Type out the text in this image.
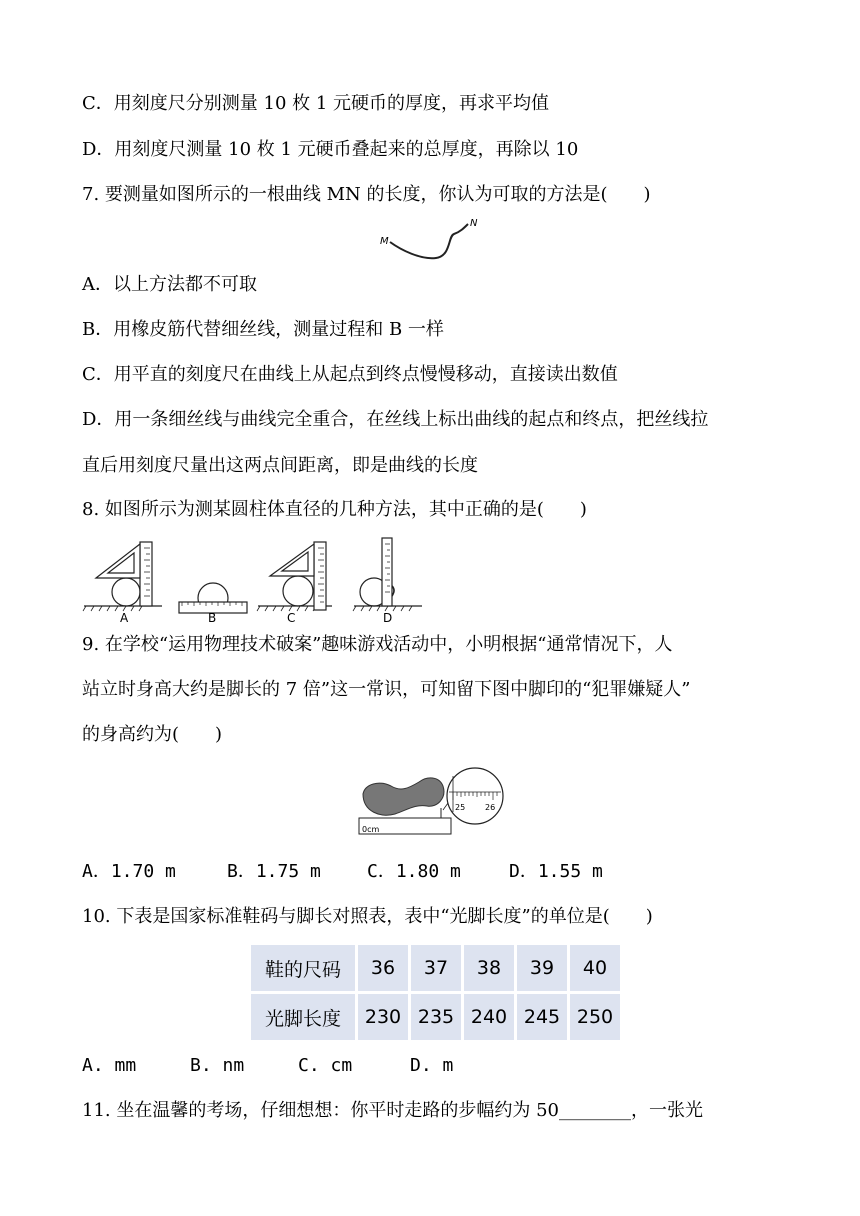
C．用刻度尺分别测量 10 枚 1 元硬币的厚度，再求平均值
D．用刻度尺测量 10 枚 1 元硬币叠起来的总厚度，再除以 10
7. 要测量如图所示的一根曲线 MN 的长度，你认为可取的方法是(　　)
M
N
A．以上方法都不可取
B．用橡皮筋代替细丝线，测量过程和 B 一样
C．用平直的刻度尺在曲线上从起点到终点慢慢移动，直接读出数值
D．用一条细丝线与曲线完全重合，在丝线上标出曲线的起点和终点，把丝线拉
直后用刻度尺量出这两点间距离，即是曲线的长度
8. 如图所示为测某圆柱体直径的几种方法，其中正确的是(　　)
A	B	C	D
9. 在学校“运用物理技术破案”趣味游戏活动中，小明根据“通常情况下，人
站立时身高大约是脚长的 7 倍”这一常识，可知留下图中脚印的“犯罪嫌疑人”
的身高约为(　　)
0cm
25 26
A．1.70 m	B．1.75 m	C．1.80 m	D．1.55 m
10. 下表是国家标准鞋码与脚长对照表，表中“光脚长度”的单位是(　　)
鞋的尺码	36	37	38	39	40
光脚长度	230	235	240	245	250
A. mm	B. nm	C. cm	D. m
11. 坐在温馨的考场，仔细想想：你平时走路的步幅约为 50________，一张光
